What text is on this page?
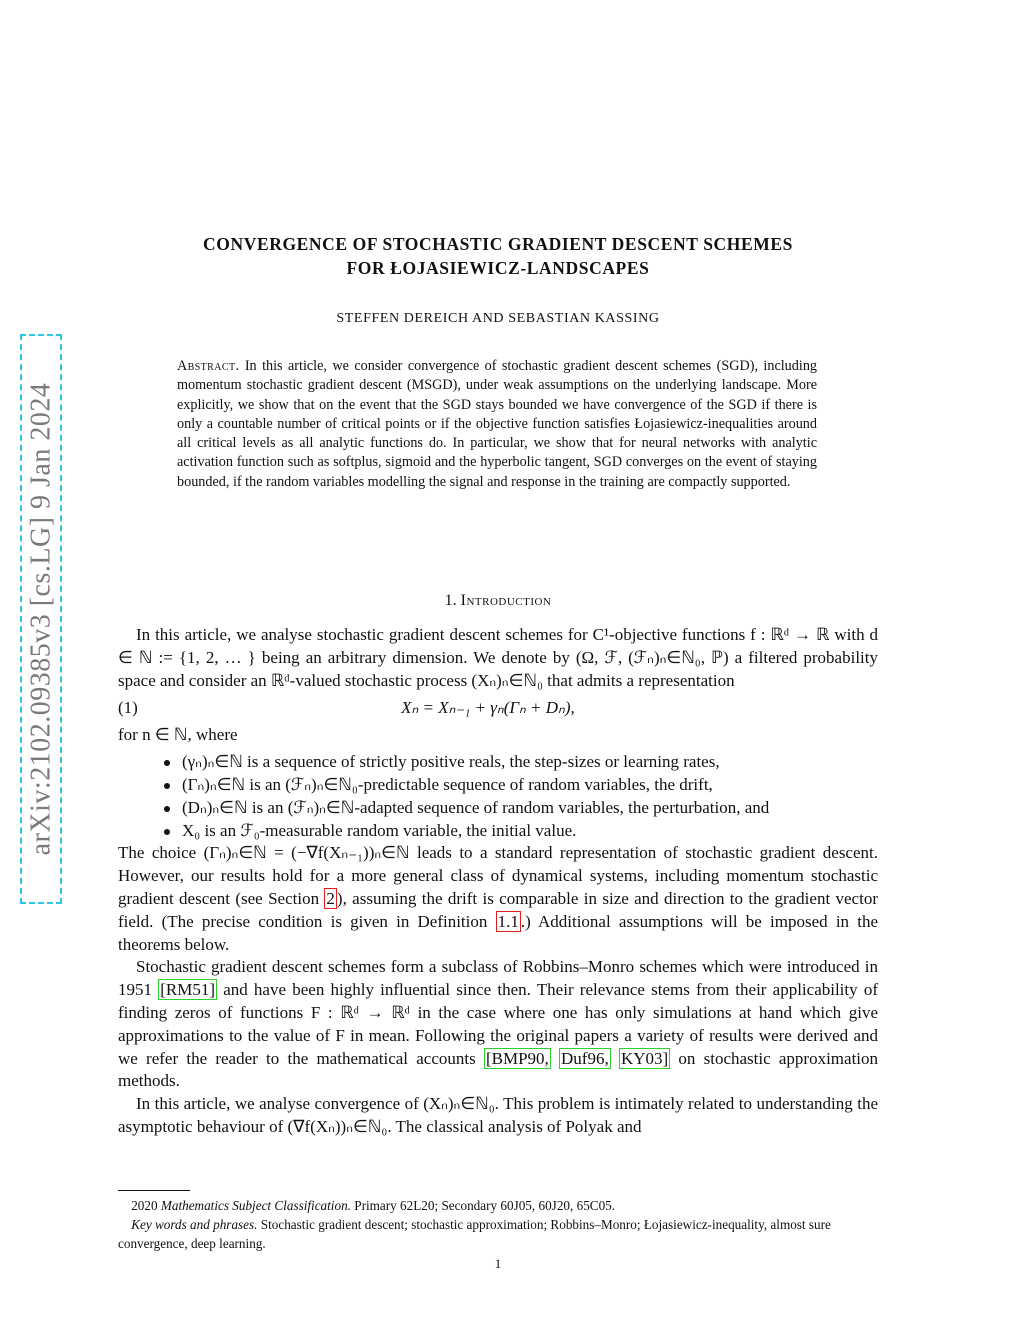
arXiv:2102.09385v3 [cs.LG] 9 Jan 2024
CONVERGENCE OF STOCHASTIC GRADIENT DESCENT SCHEMES
FOR ŁOJASIEWICZ-LANDSCAPES
STEFFEN DEREICH AND SEBASTIAN KASSING
Abstract. In this article, we consider convergence of stochastic gradient descent schemes (SGD), including momentum stochastic gradient descent (MSGD), under weak assumptions on the underlying landscape. More explicitly, we show that on the event that the SGD stays bounded we have convergence of the SGD if there is only a countable number of critical points or if the objective function satisfies Łojasiewicz-inequalities around all critical levels as all analytic functions do. In particular, we show that for neural networks with analytic activation function such as softplus, sigmoid and the hyperbolic tangent, SGD converges on the event of staying bounded, if the random variables modelling the signal and response in the training are compactly supported.
1. Introduction

In this article, we analyse stochastic gradient descent schemes for C¹-objective functions f : ℝᵈ → ℝ with d ∈ ℕ := {1, 2, … } being an arbitrary dimension. We denote by (Ω, ℱ, (ℱₙ)ₙ∈ℕ₀, ℙ) a filtered probability space and consider an ℝᵈ-valued stochastic process (Xₙ)ₙ∈ℕ₀ that admits a representation

(1)	Xₙ = Xₙ₋₁ + γₙ(Γₙ + Dₙ),

for n ∈ ℕ, where

(γₙ)ₙ∈ℕ is a sequence of strictly positive reals, the step-sizes or learning rates,
(Γₙ)ₙ∈ℕ is an (ℱₙ)ₙ∈ℕ₀-predictable sequence of random variables, the drift,
(Dₙ)ₙ∈ℕ is an (ℱₙ)ₙ∈ℕ-adapted sequence of random variables, the perturbation, and
X₀ is an ℱ₀-measurable random variable, the initial value.

The choice (Γₙ)ₙ∈ℕ = (−∇f(Xₙ₋₁))ₙ∈ℕ leads to a standard representation of stochastic gradient descent. However, our results hold for a more general class of dynamical systems, including momentum stochastic gradient descent (see Section 2 ), assuming the drift is comparable in size and direction to the gradient vector field. (The precise condition is given in Definition 1.1 .) Additional assumptions will be imposed in the theorems below.

Stochastic gradient descent schemes form a subclass of Robbins–Monro schemes which were introduced in 1951 [RM51] and have been highly influential since then. Their relevance stems from their applicability of finding zeros of functions F : ℝᵈ → ℝᵈ in the case where one has only simulations at hand which give approximations to the value of F in mean. Following the original papers a variety of results were derived and we refer the reader to the mathematical accounts [BMP90, Duf96, KY03] on stochastic approximation methods.

In this article, we analyse convergence of (Xₙ)ₙ∈ℕ₀. This problem is intimately related to understanding the asymptotic behaviour of (∇f(Xₙ))ₙ∈ℕ₀. The classical analysis of Polyak and

2020 Mathematics Subject Classification. Primary 62L20; Secondary 60J05, 60J20, 65C05.

Key words and phrases. Stochastic gradient descent; stochastic approximation; Robbins–Monro; Łojasiewicz-inequality, almost sure convergence, deep learning.

1
